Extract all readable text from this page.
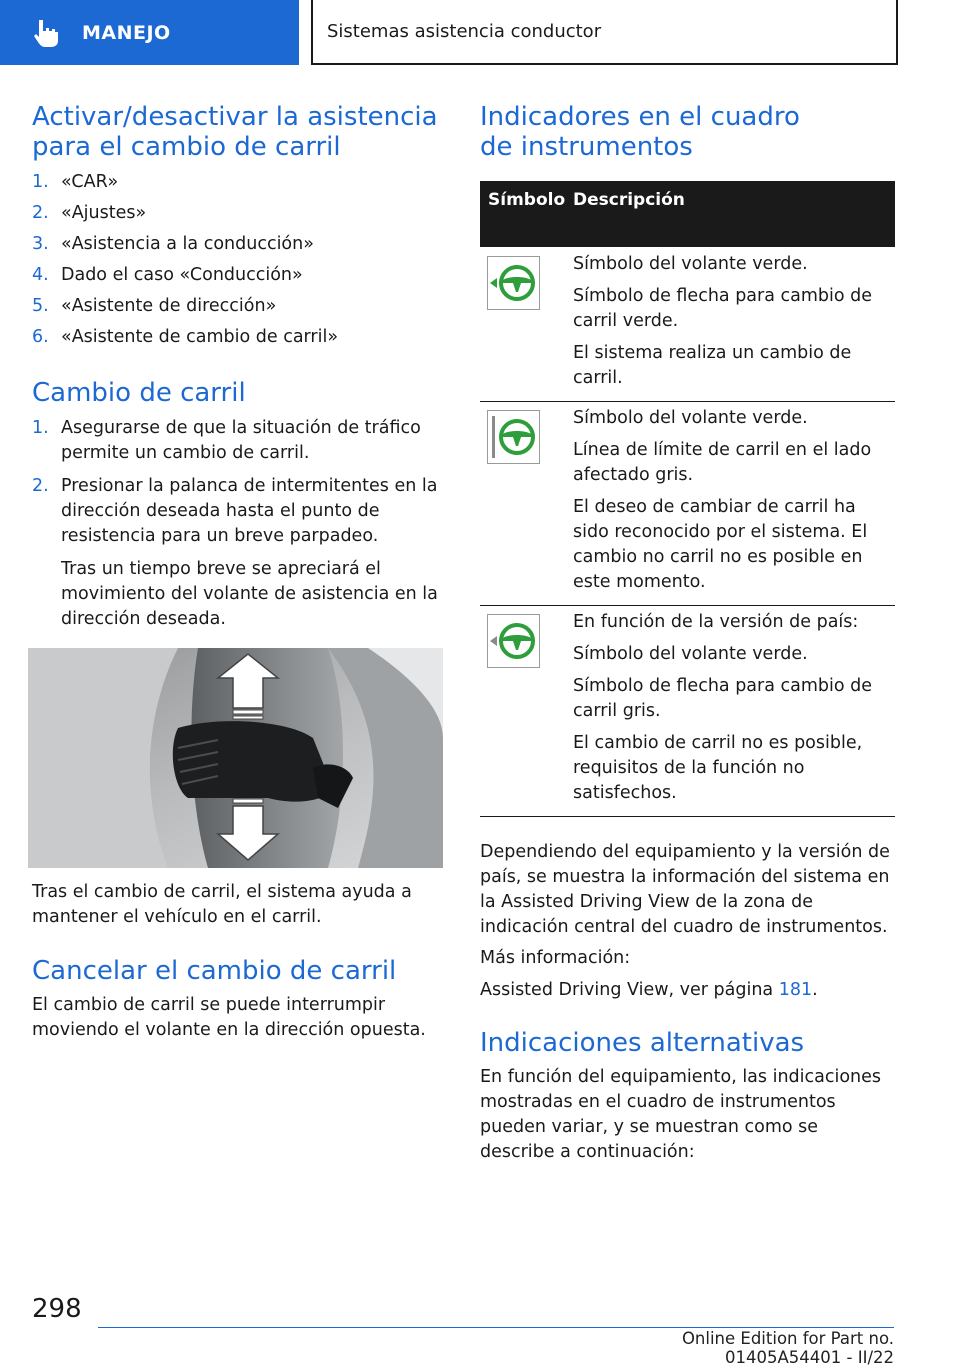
MANEJO	Sistemas asistencia conductor
Activar/desactivar la asistencia para el cambio de carril
1. «CAR»
2. «Ajustes»
3. «Asistencia a la conducción»
4. Dado el caso «Conducción»
5. «Asistente de dirección»
6. «Asistente de cambio de carril»
Cambio de carril
1. Asegurarse de que la situación de tráfico permite un cambio de carril.
2. Presionar la palanca de intermitentes en la dirección deseada hasta el punto de resistencia para un breve parpadeo.
Tras un tiempo breve se apreciará el movimiento del volante de asistencia en la dirección deseada.

Tras el cambio de carril, el sistema ayuda a mantener el vehículo en el carril.

Cancelar el cambio de carril

El cambio de carril se puede interrumpir moviendo el volante en la dirección opuesta.

Indicadores en el cuadro de instrumentos
Símbolo Descripción

Símbolo del volante verde.

Símbolo de flecha para cambio de carril verde.

El sistema realiza un cambio de carril.

Símbolo del volante verde.

Línea de límite de carril en el lado afectado gris.

El deseo de cambiar de carril ha sido reconocido por el sistema. El cambio no carril no es posible en este momento.

En función de la versión de país:

Símbolo del volante verde.

Símbolo de flecha para cambio de carril gris.

El cambio de carril no es posible, requisitos de la función no satisfechos.

Dependiendo del equipamiento y la versión de país, se muestra la información del sistema en la Assisted Driving View de la zona de indicación central del cuadro de instrumentos.

Más información:

Assisted Driving View, ver página 181.

Indicaciones alternativas

En función del equipamiento, las indicaciones mostradas en el cuadro de instrumentos pueden variar, y se muestran como se describe a continuación:

298
Online Edition for Part no. 01405A54401 - II/22
